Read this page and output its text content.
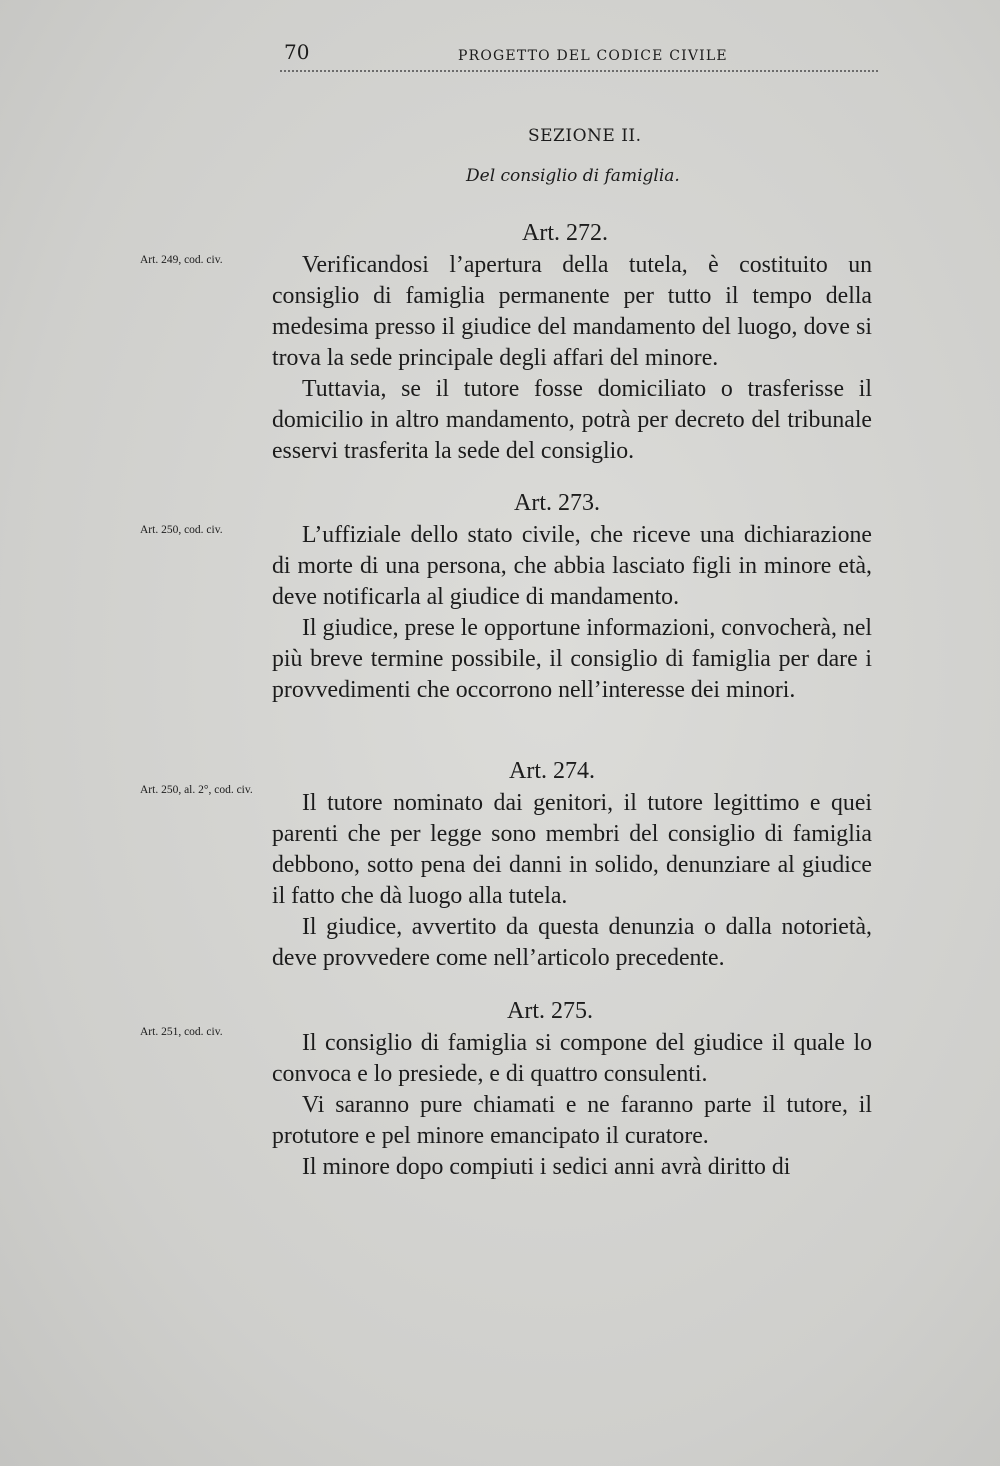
70	PROGETTO DEL CODICE CIVILE
SEZIONE II.
Del consiglio di famiglia.
Art. 272.
Art. 249, cod. civ.	Verificandosi l’apertura della tutela, è costituito un consiglio di famiglia permanente per tutto il tempo della medesima presso il giudice del mandamento del luogo, dove si trova la sede principale degli affari del minore.

Tuttavia, se il tutore fosse domiciliato o trasferisse il domicilio in altro mandamento, potrà per decreto del tribunale esservi trasferita la sede del consiglio.

Art. 273.
Art. 250, cod. civ.	L’uffiziale dello stato civile, che riceve una dichiarazione di morte di una persona, che abbia lasciato figli in minore età, deve notificarla al giudice di mandamento.

Il giudice, prese le opportune informazioni, convocherà, nel più breve termine possibile, il consiglio di famiglia per dare i provvedimenti che occorrono nell’interesse dei minori.

Art. 274.
Art. 250, al. 2°, cod. civ.	Il tutore nominato dai genitori, il tutore legittimo e quei parenti che per legge sono membri del consiglio di famiglia debbono, sotto pena dei danni in solido, denunziare al giudice il fatto che dà luogo alla tutela.

Il giudice, avvertito da questa denunzia o dalla notorietà, deve provvedere come nell’articolo precedente.

Art. 275.
Art. 251, cod. civ.	Il consiglio di famiglia si compone del giudice il quale lo convoca e lo presiede, e di quattro consulenti.

Vi saranno pure chiamati e ne faranno parte il tutore, il protutore e pel minore emancipato il curatore.

Il minore dopo compiuti i sedici anni avrà diritto di
